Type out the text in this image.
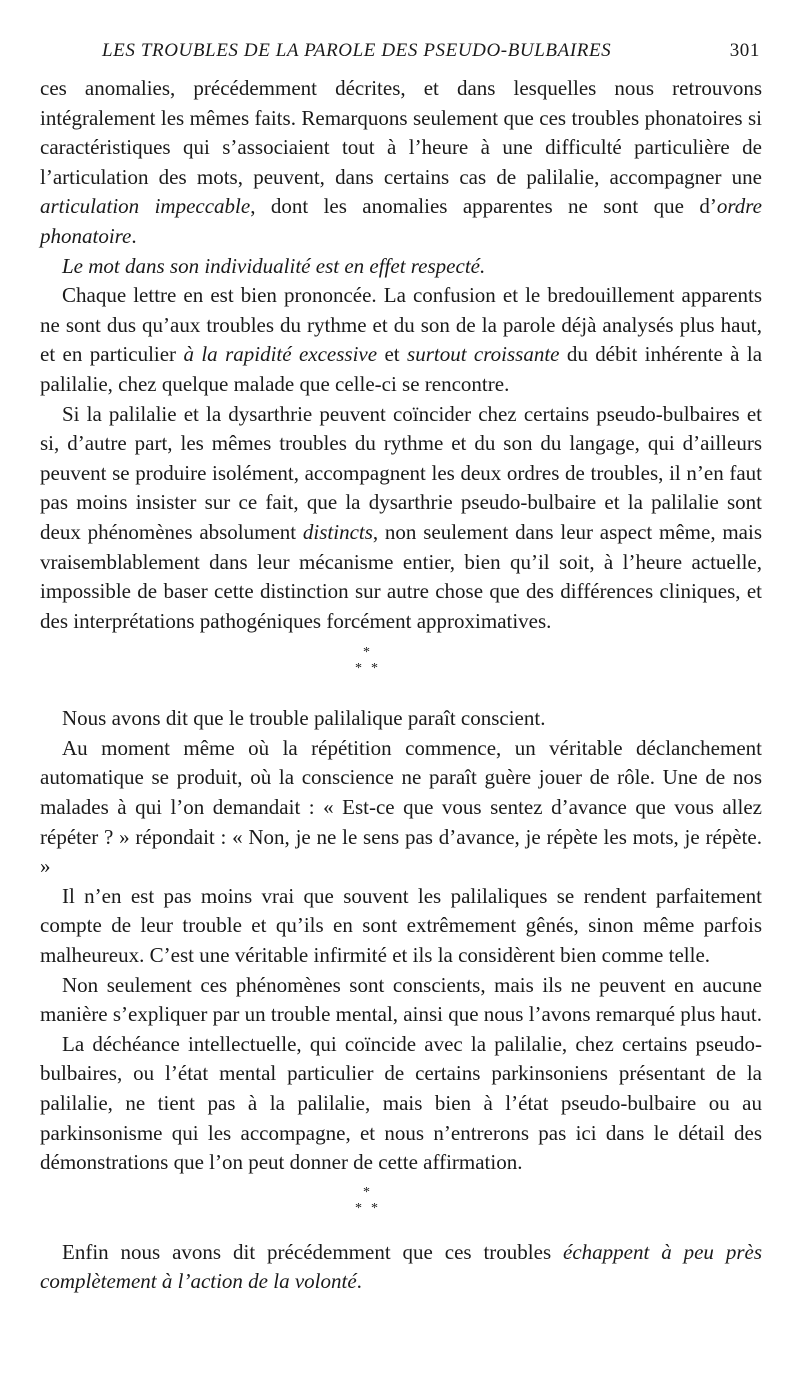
LES TROUBLES DE LA PAROLE DES PSEUDO-BULBAIRES	301

ces anomalies, précédemment décrites, et dans lesquelles nous retrouvons intégralement les mêmes faits. Remarquons seulement que ces troubles phonatoires si caractéristiques qui s’associaient tout à l’heure à une difficulté particulière de l’articulation des mots, peuvent, dans certains cas de palilalie, accompagner une articulation impeccable, dont les anomalies apparentes ne sont que d’ordre phonatoire.

Le mot dans son individualité est en effet respecté.

Chaque lettre en est bien prononcée. La confusion et le bredouillement apparents ne sont dus qu’aux troubles du rythme et du son de la parole déjà analysés plus haut, et en particulier à la rapidité excessive et surtout croissante du débit inhérente à la palilalie, chez quelque malade que celle-ci se rencontre.

Si la palilalie et la dysarthrie peuvent coïncider chez certains pseudo-bulbaires et si, d’autre part, les mêmes troubles du rythme et du son du langage, qui d’ailleurs peuvent se produire isolément, accompagnent les deux ordres de troubles, il n’en faut pas moins insister sur ce fait, que la dysarthrie pseudo-bulbaire et la palilalie sont deux phénomènes absolument distincts, non seulement dans leur aspect même, mais vraisemblablement dans leur mécanisme entier, bien qu’il soit, à l’heure actuelle, impossible de baser cette distinction sur autre chose que des différences cliniques, et des interprétations pathogéniques forcément approximatives.

*
* *

Nous avons dit que le trouble palilalique paraît conscient.

Au moment même où la répétition commence, un véritable déclanchement automatique se produit, où la conscience ne paraît guère jouer de rôle. Une de nos malades à qui l’on demandait : « Est-ce que vous sentez d’avance que vous allez répéter ? » répondait : « Non, je ne le sens pas d’avance, je répète les mots, je répète. »

Il n’en est pas moins vrai que souvent les palilaliques se rendent parfaitement compte de leur trouble et qu’ils en sont extrêmement gênés, sinon même parfois malheureux. C’est une véritable infirmité et ils la considèrent bien comme telle.

Non seulement ces phénomènes sont conscients, mais ils ne peuvent en aucune manière s’expliquer par un trouble mental, ainsi que nous l’avons remarqué plus haut.

La déchéance intellectuelle, qui coïncide avec la palilalie, chez certains pseudo-bulbaires, ou l’état mental particulier de certains parkinsoniens présentant de la palilalie, ne tient pas à la palilalie, mais bien à l’état pseudo-bulbaire ou au parkinsonisme qui les accompagne, et nous n’entrerons pas ici dans le détail des démonstrations que l’on peut donner de cette affirmation.

*
* *

Enfin nous avons dit précédemment que ces troubles échappent à peu près complètement à l’action de la volonté.
